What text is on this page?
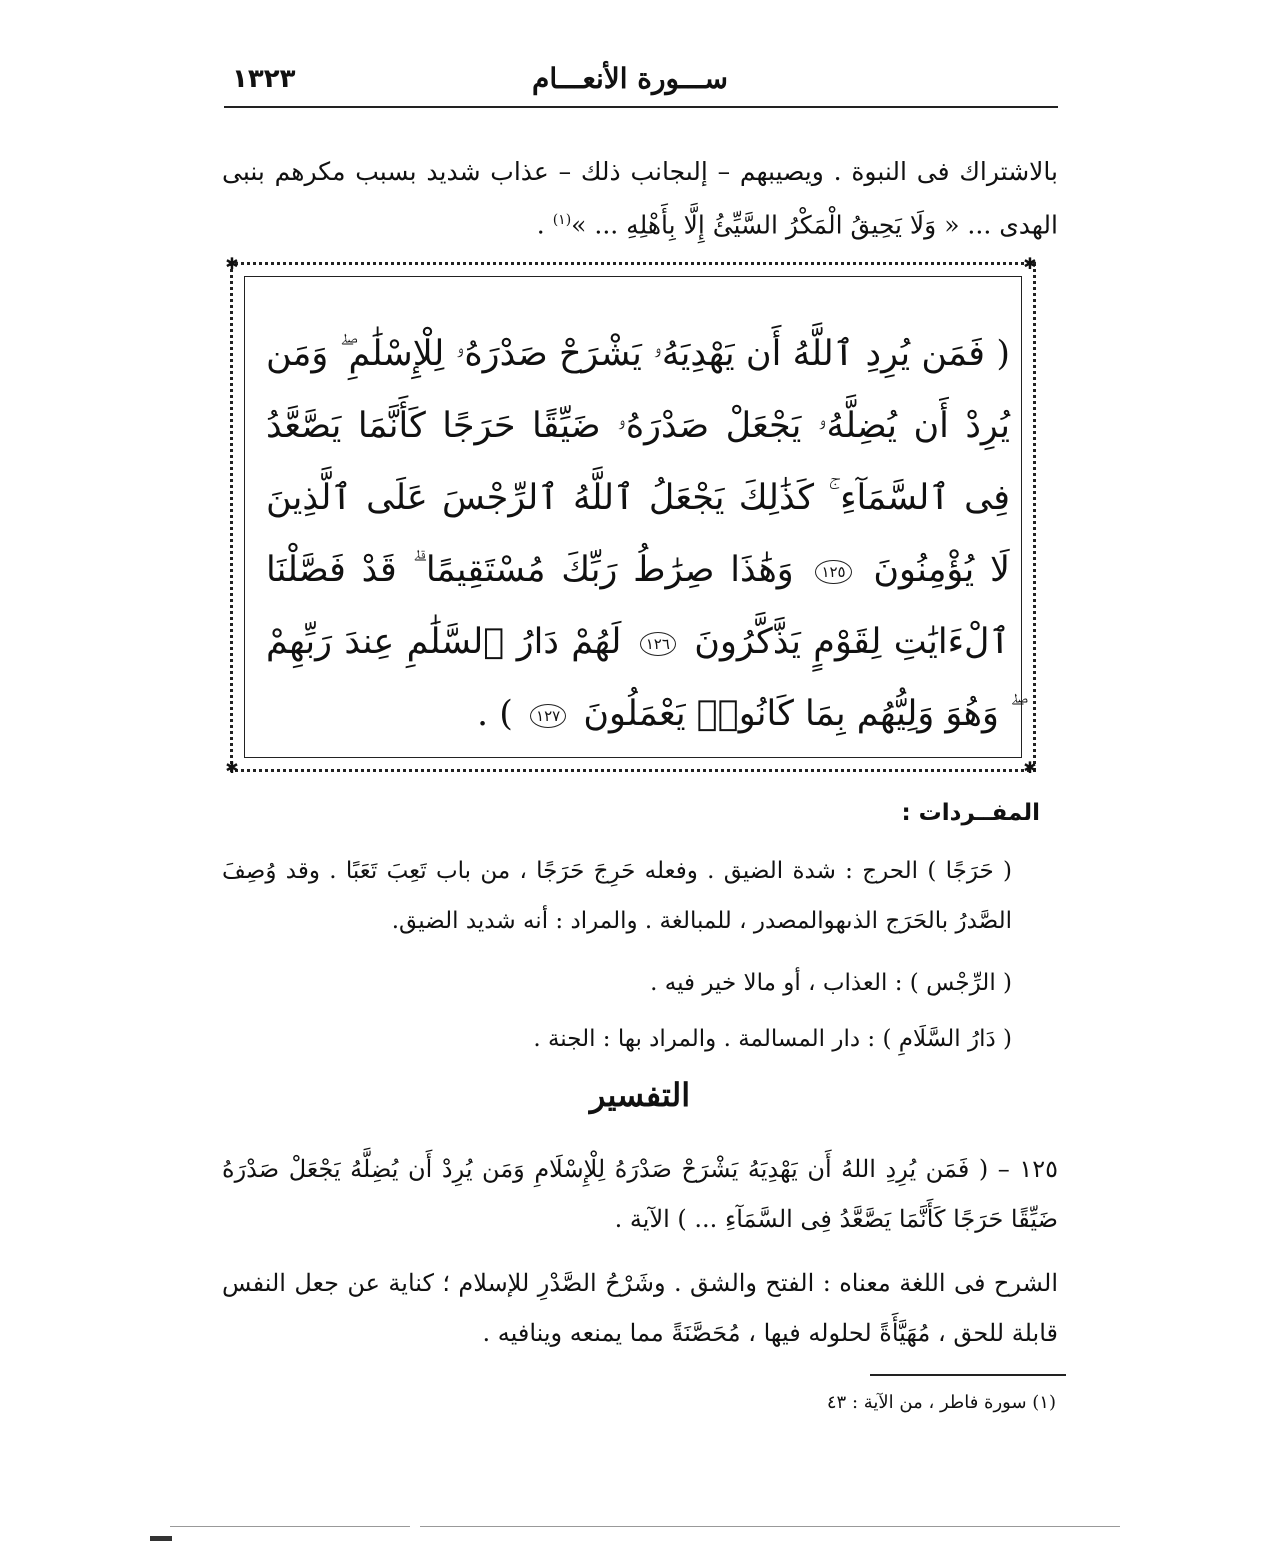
ســـورة الأنعـــام
١٣٢٣
بالاشتراك فى النبوة . ويصيبهم – إلىجانب ذلك – عذاب شديد بسبب مكرهم بنبى الهدى ... « وَلَا يَحِيقُ الْمَكْرُ السَّيِّئُ إِلَّا بِأَهْلِهِ ... »$^{(١)}$ .
✱	✱
✱	✱
( فَمَن يُرِدِ ٱللَّهُ أَن يَهْدِيَهُۥ يَشْرَحْ صَدْرَهُۥ لِلْإِسْلَٰمِ ۖ وَمَن يُرِدْ أَن يُضِلَّهُۥ يَجْعَلْ صَدْرَهُۥ ضَيِّقًا حَرَجًا كَأَنَّمَا يَصَّعَّدُ فِى ٱلسَّمَآءِ ۚ كَذَٰلِكَ يَجْعَلُ ٱللَّهُ ٱلرِّجْسَ عَلَى ٱلَّذِينَ لَا يُؤْمِنُونَ ١٢٥ وَهَٰذَا صِرَٰطُ رَبِّكَ مُسْتَقِيمًا ۗ قَدْ فَصَّلْنَا ٱلْءَايَٰتِ لِقَوْمٍ يَذَّكَّرُونَ ١٢٦ لَهُمْ دَارُ ٱلسَّلَٰمِ عِندَ رَبِّهِمْ ۖ وَهُوَ وَلِيُّهُم بِمَا كَانُوا۟ يَعْمَلُونَ ١٢٧ ) .
المفــردات :
( حَرَجًا ) الحرج : شدة الضيق . وفعله حَرِجَ حَرَجًا ، من باب تَعِبَ تَعَبًا . وقد وُصِفَ الصَّدرُ بالحَرَج الذىهوالمصدر ، للمبالغة . والمراد : أنه شديد الضيق.
( الرِّجْس ) : العذاب ، أو مالا خير فيه .
( دَارُ السَّلَامِ ) : دار المسالمة . والمراد بها : الجنة .
التفسير
١٢٥ – ( فَمَن يُرِدِ اللهُ أَن يَهْدِيَهُ يَشْرَحْ صَدْرَهُ لِلْإِسْلَامِ وَمَن يُرِدْ أَن يُضِلَّهُ يَجْعَلْ صَدْرَهُ ضَيِّقًا حَرَجًا كَأَنَّمَا يَصَّعَّدُ فِى السَّمَآءِ ... ) الآية .
الشرح فى اللغة معناه : الفتح والشق . وشَرْحُ الصَّدْرِ للإسلام ؛ كناية عن جعل النفس قابلة للحق ، مُهَيَّأَةً لحلوله فيها ، مُحَصَّنَةً مما يمنعه وينافيه .
(١) سورة فاطر ، من الآية : ٤٣
